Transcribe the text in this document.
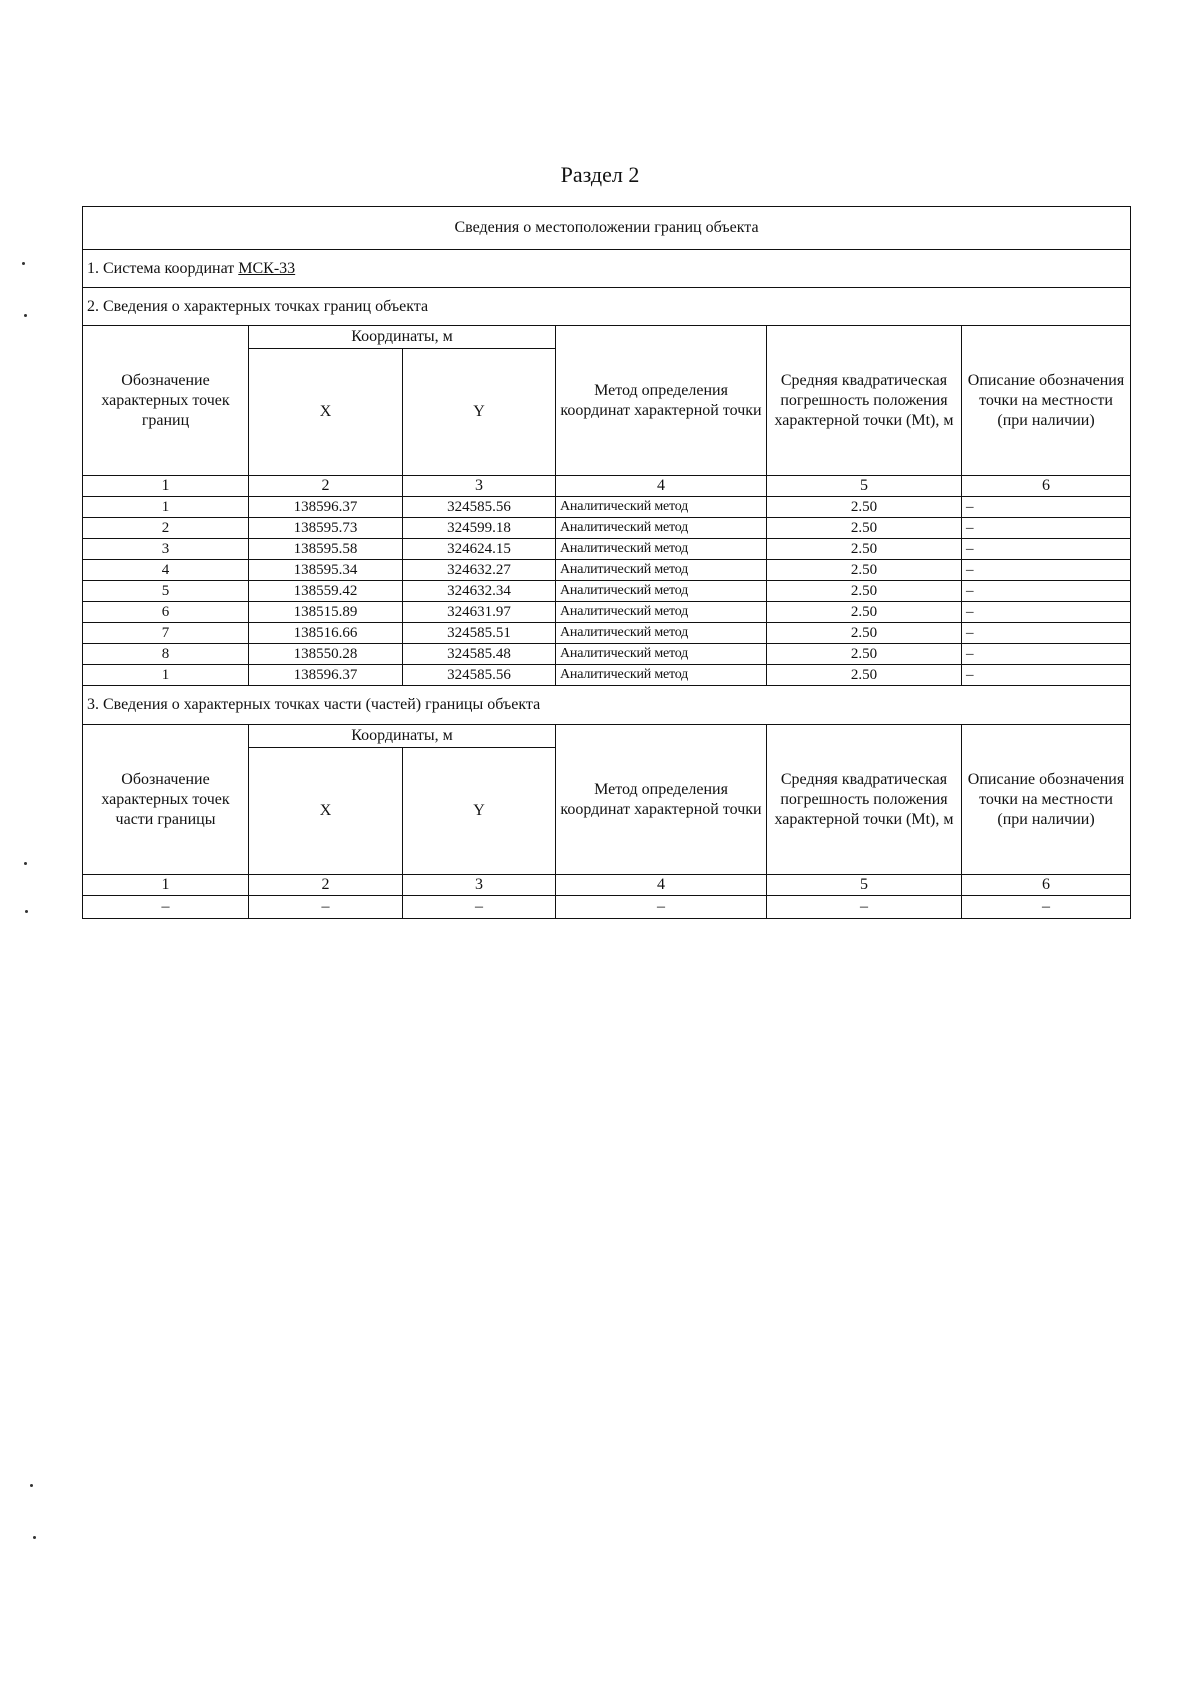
Раздел 2
Сведения о местоположении границ объекта					
1. Система координат МСК-33					
2. Сведения о характерных точках границ объекта					
Обозначение характерных точек границ	Координаты, м		Метод определения координат характерной точки	Средняя квадратическая погрешность положения характерной точки (Mt), м	Описание обозначения точки на местности (при наличии)
	X	Y			
1	2	3	4	5	6
1	138596.37	324585.56	Аналитический метод	2.50	–
2	138595.73	324599.18	Аналитический метод	2.50	–
3	138595.58	324624.15	Аналитический метод	2.50	–
4	138595.34	324632.27	Аналитический метод	2.50	–
5	138559.42	324632.34	Аналитический метод	2.50	–
6	138515.89	324631.97	Аналитический метод	2.50	–
7	138516.66	324585.51	Аналитический метод	2.50	–
8	138550.28	324585.48	Аналитический метод	2.50	–
1	138596.37	324585.56	Аналитический метод	2.50	–
3. Сведения о характерных точках части (частей) границы объекта					
Обозначение характерных точек части границы	Координаты, м		Метод определения координат характерной точки	Средняя квадратическая погрешность положения характерной точки (Mt), м	Описание обозначения точки на местности (при наличии)
	X	Y			
1	2	3	4	5	6
–	–	–	–	–	–
